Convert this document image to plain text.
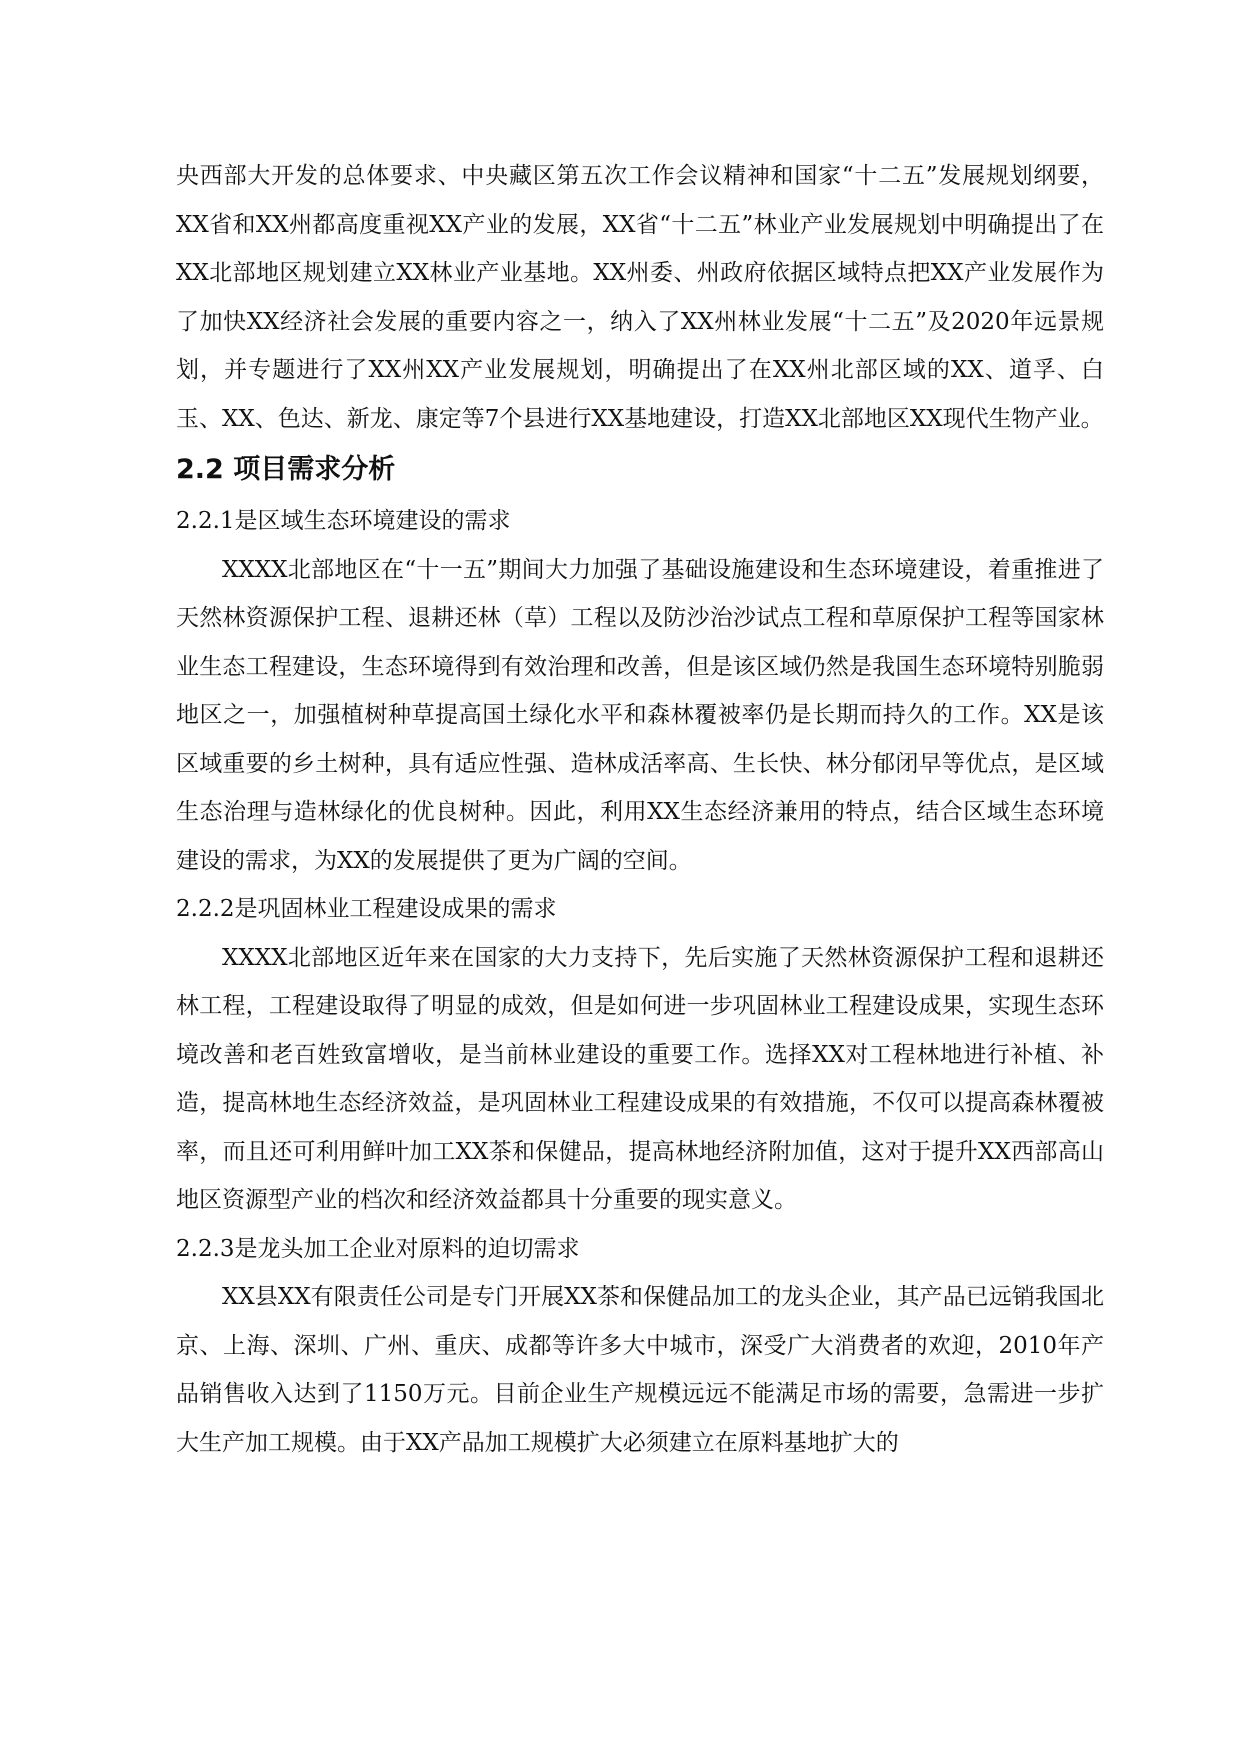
央西部大开发的总体要求、中央藏区第五次工作会议精神和国家“十二五”发展规划纲要，XX省和XX州都高度重视XX产业的发展，XX省“十二五”林业产业发展规划中明确提出了在XX北部地区规划建立XX林业产业基地。XX州委、州政府依据区域特点把XX产业发展作为了加快XX经济社会发展的重要内容之一，纳入了XX州林业发展“十二五”及2020年远景规划，并专题进行了XX州XX产业发展规划，明确提出了在XX州北部区域的XX、道孚、白玉、XX、色达、新龙、康定等7个县进行XX基地建设，打造XX北部地区XX现代生物产业。

2.2 项目需求分析
2.2.1是区域生态环境建设的需求

XXXX北部地区在“十一五”期间大力加强了基础设施建设和生态环境建设，着重推进了天然林资源保护工程、退耕还林（草）工程以及防沙治沙试点工程和草原保护工程等国家林业生态工程建设，生态环境得到有效治理和改善，但是该区域仍然是我国生态环境特别脆弱地区之一，加强植树种草提高国土绿化水平和森林覆被率仍是长期而持久的工作。XX是该区域重要的乡土树种，具有适应性强、造林成活率高、生长快、林分郁闭早等优点，是区域生态治理与造林绿化的优良树种。因此，利用XX生态经济兼用的特点，结合区域生态环境建设的需求，为XX的发展提供了更为广阔的空间。

2.2.2是巩固林业工程建设成果的需求

XXXX北部地区近年来在国家的大力支持下，先后实施了天然林资源保护工程和退耕还林工程，工程建设取得了明显的成效，但是如何进一步巩固林业工程建设成果，实现生态环境改善和老百姓致富增收，是当前林业建设的重要工作。选择XX对工程林地进行补植、补造，提高林地生态经济效益，是巩固林业工程建设成果的有效措施，不仅可以提高森林覆被率，而且还可利用鲜叶加工XX茶和保健品，提高林地经济附加值，这对于提升XX西部高山地区资源型产业的档次和经济效益都具十分重要的现实意义。

2.2.3是龙头加工企业对原料的迫切需求

XX县XX有限责任公司是专门开展XX茶和保健品加工的龙头企业，其产品已远销我国北京、上海、深圳、广州、重庆、成都等许多大中城市，深受广大消费者的欢迎，2010年产品销售收入达到了1150万元。目前企业生产规模远远不能满足市场的需要，急需进一步扩大生产加工规模。由于XX产品加工规模扩大必须建立在原料基地扩大的
